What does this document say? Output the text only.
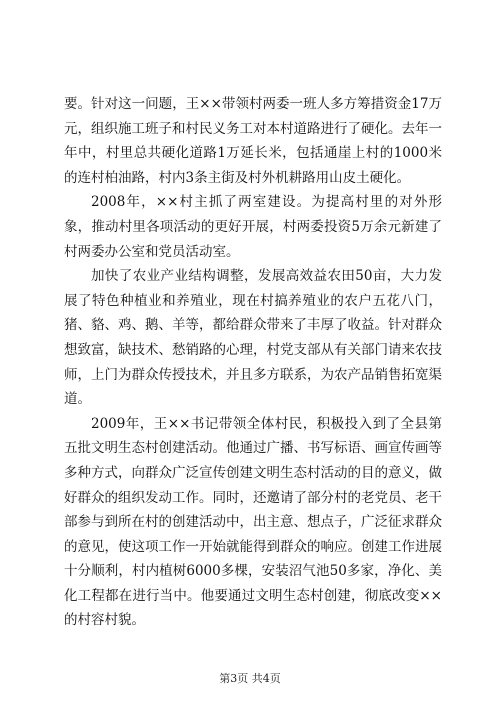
要。针对这一问题，王××带领村两委一班人多方筹措资金17万元，组织施工班子和村民义务工对本村道路进行了硬化。去年一年中，村里总共硬化道路1万延长米，包括通崖上村的1000米的连村柏油路，村内3条主街及村外机耕路用山皮土硬化。

2008年，××村主抓了两室建设。为提高村里的对外形象，推动村里各项活动的更好开展，村两委投资5万余元新建了村两委办公室和党员活动室。

加快了农业产业结构调整，发展高效益农田50亩，大力发展了特色种植业和养殖业，现在村搞养殖业的农户五花八门，猪、貉、鸡、鹅、羊等，都给群众带来了丰厚了收益。针对群众想致富，缺技术、愁销路的心理，村党支部从有关部门请来农技师，上门为群众传授技术，并且多方联系，为农产品销售拓宽渠道。

2009年，王××书记带领全体村民，积极投入到了全县第五批文明生态村创建活动。他通过广播、书写标语、画宣传画等多种方式，向群众广泛宣传创建文明生态村活动的目的意义，做好群众的组织发动工作。同时，还邀请了部分村的老党员、老干部参与到所在村的创建活动中，出主意、想点子，广泛征求群众的意见，使这项工作一开始就能得到群众的响应。创建工作进展十分顺利，村内植树6000多棵，安装沼气池50多家，净化、美化工程都在进行当中。他要通过文明生态村创建，彻底改变××的村容村貌。

第3页 共4页
